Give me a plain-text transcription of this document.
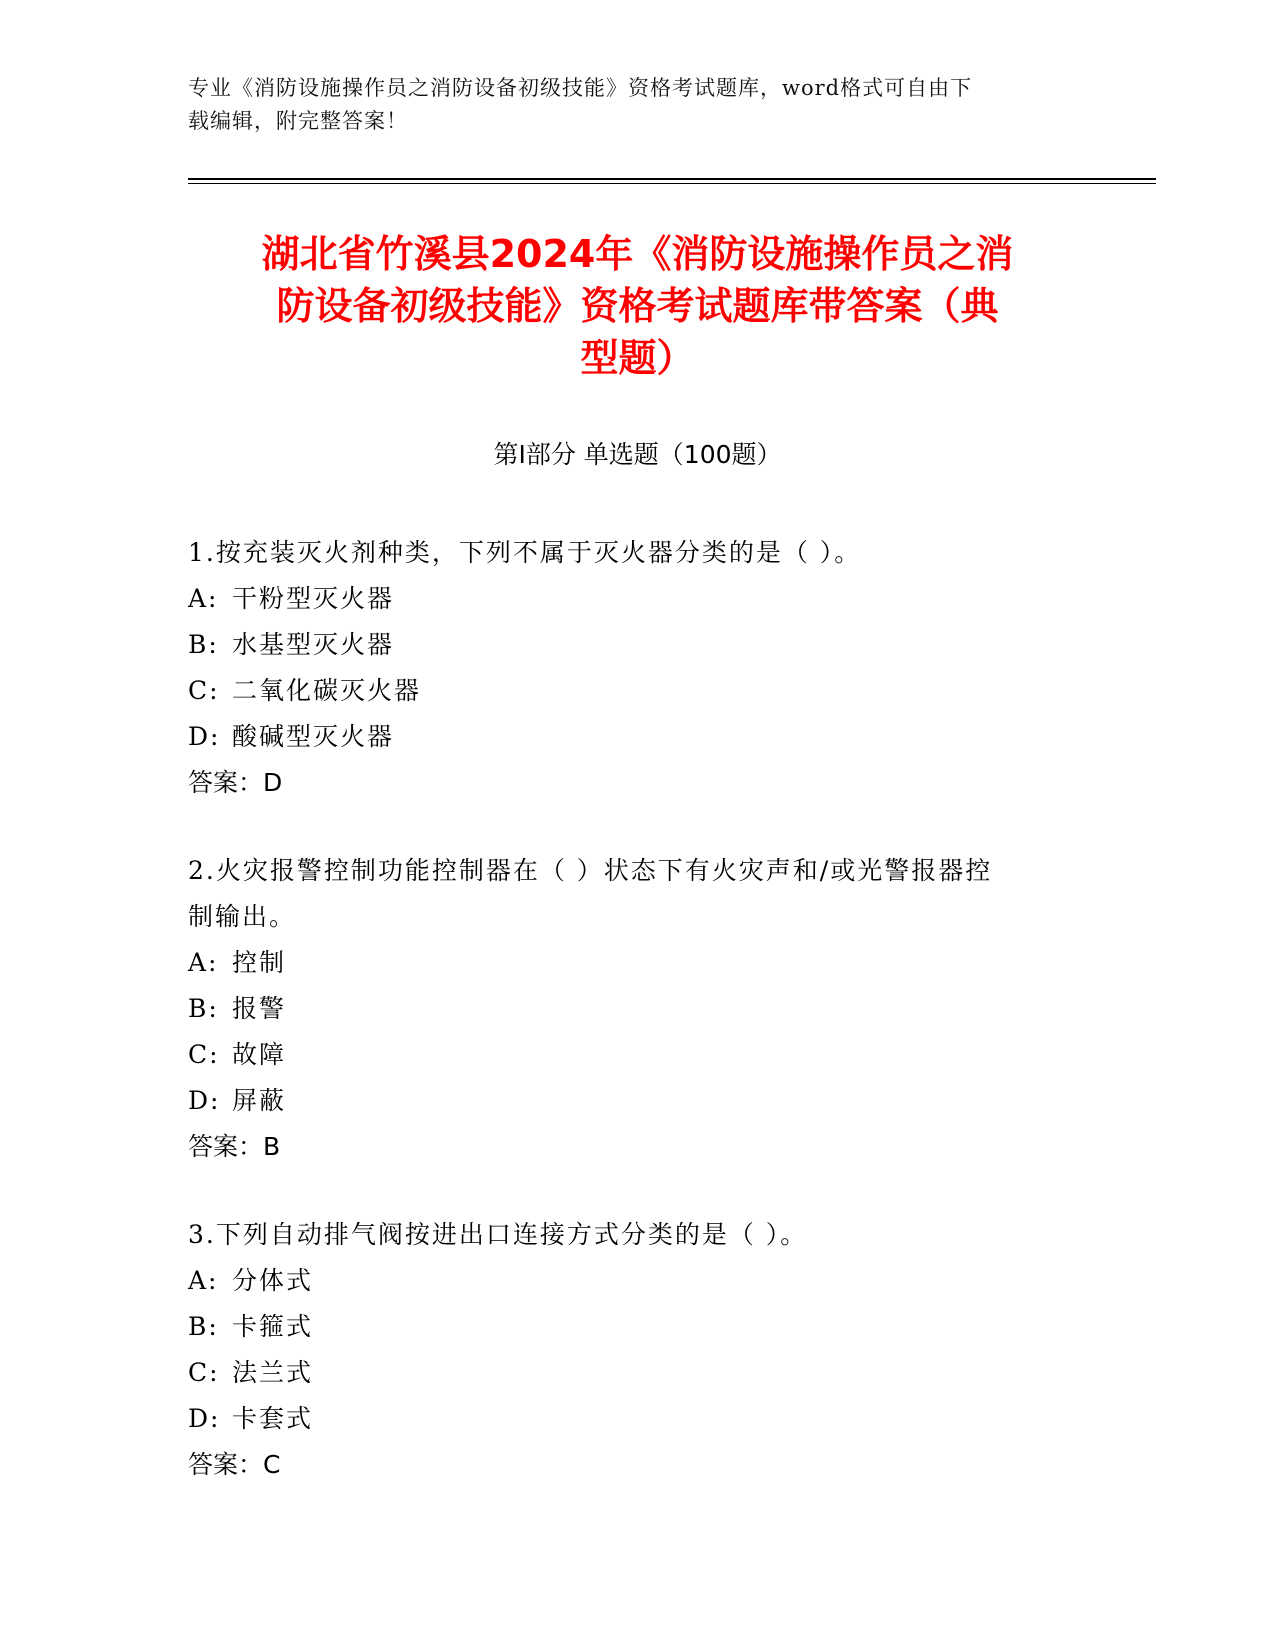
专业《消防设施操作员之消防设备初级技能》资格考试题库，word格式可自由下
载编辑，附完整答案！
湖北省竹溪县2024年《消防设施操作员之消
防设备初级技能》资格考试题库带答案（典
型题）
第I部分 单选题（100题）

1.按充装灭火剂种类，下列不属于灭火器分类的是（ ）。

A: 干粉型灭火器

B: 水基型灭火器

C: 二氧化碳灭火器

D: 酸碱型灭火器

答案：D

2.火灾报警控制功能控制器在（ ）状态下有火灾声和/或光警报器控

制输出。

A: 控制

B: 报警

C: 故障

D: 屏蔽

答案：B

3.下列自动排气阀按进出口连接方式分类的是（ ）。

A: 分体式

B: 卡箍式

C: 法兰式

D: 卡套式

答案：C
